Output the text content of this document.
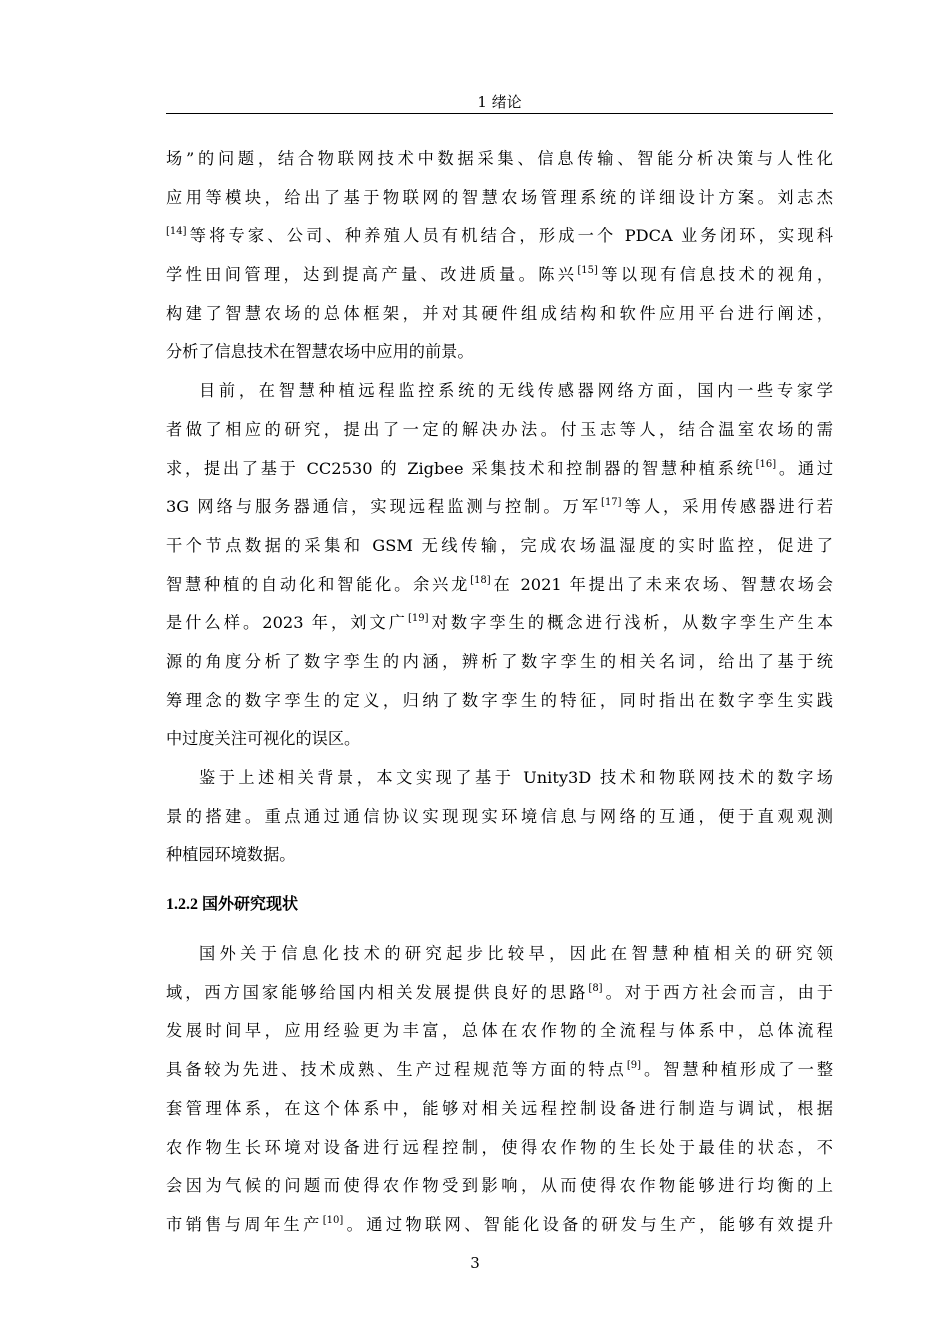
1 绪论
场”的问题，结合物联网技术中数据采集、信息传输、智能分析决策与人性化
应用等模块，给出了基于物联网的智慧农场管理系统的详细设计方案。刘志杰
[14]等将专家、公司、种养殖人员有机结合，形成一个 PDCA 业务闭环，实现科
学性田间管理，达到提高产量、改进质量。陈兴[15]等以现有信息技术的视角，
构建了智慧农场的总体框架，并对其硬件组成结构和软件应用平台进行阐述，
分析了信息技术在智慧农场中应用的前景。
目前，在智慧种植远程监控系统的无线传感器网络方面，国内一些专家学
者做了相应的研究，提出了一定的解决办法。付玉志等人，结合温室农场的需
求，提出了基于 CC2530 的 Zigbee 采集技术和控制器的智慧种植系统[16]。通过
3G 网络与服务器通信，实现远程监测与控制。万军[17]等人，采用传感器进行若
干个节点数据的采集和 GSM 无线传输，完成农场温湿度的实时监控，促进了
智慧种植的自动化和智能化。余兴龙[18]在 2021 年提出了未来农场、智慧农场会
是什么样。2023 年，刘文广[19]对数字孪生的概念进行浅析，从数字孪生产生本
源的角度分析了数字孪生的内涵，辨析了数字孪生的相关名词，给出了基于统
筹理念的数字孪生的定义，归纳了数字孪生的特征，同时指出在数字孪生实践
中过度关注可视化的误区。
鉴于上述相关背景，本文实现了基于 Unity3D 技术和物联网技术的数字场
景的搭建。重点通过通信协议实现现实环境信息与网络的互通，便于直观观测
种植园环境数据。
1.2.2 国外研究现状
国外关于信息化技术的研究起步比较早，因此在智慧种植相关的研究领
域，西方国家能够给国内相关发展提供良好的思路[8]。对于西方社会而言，由于
发展时间早，应用经验更为丰富，总体在农作物的全流程与体系中，总体流程
具备较为先进、技术成熟、生产过程规范等方面的特点[9]。智慧种植形成了一整
套管理体系，在这个体系中，能够对相关远程控制设备进行制造与调试，根据
农作物生长环境对设备进行远程控制，使得农作物的生长处于最佳的状态，不
会因为气候的问题而使得农作物受到影响，从而使得农作物能够进行均衡的上
市销售与周年生产[10]。通过物联网、智能化设备的研发与生产，能够有效提升
3
